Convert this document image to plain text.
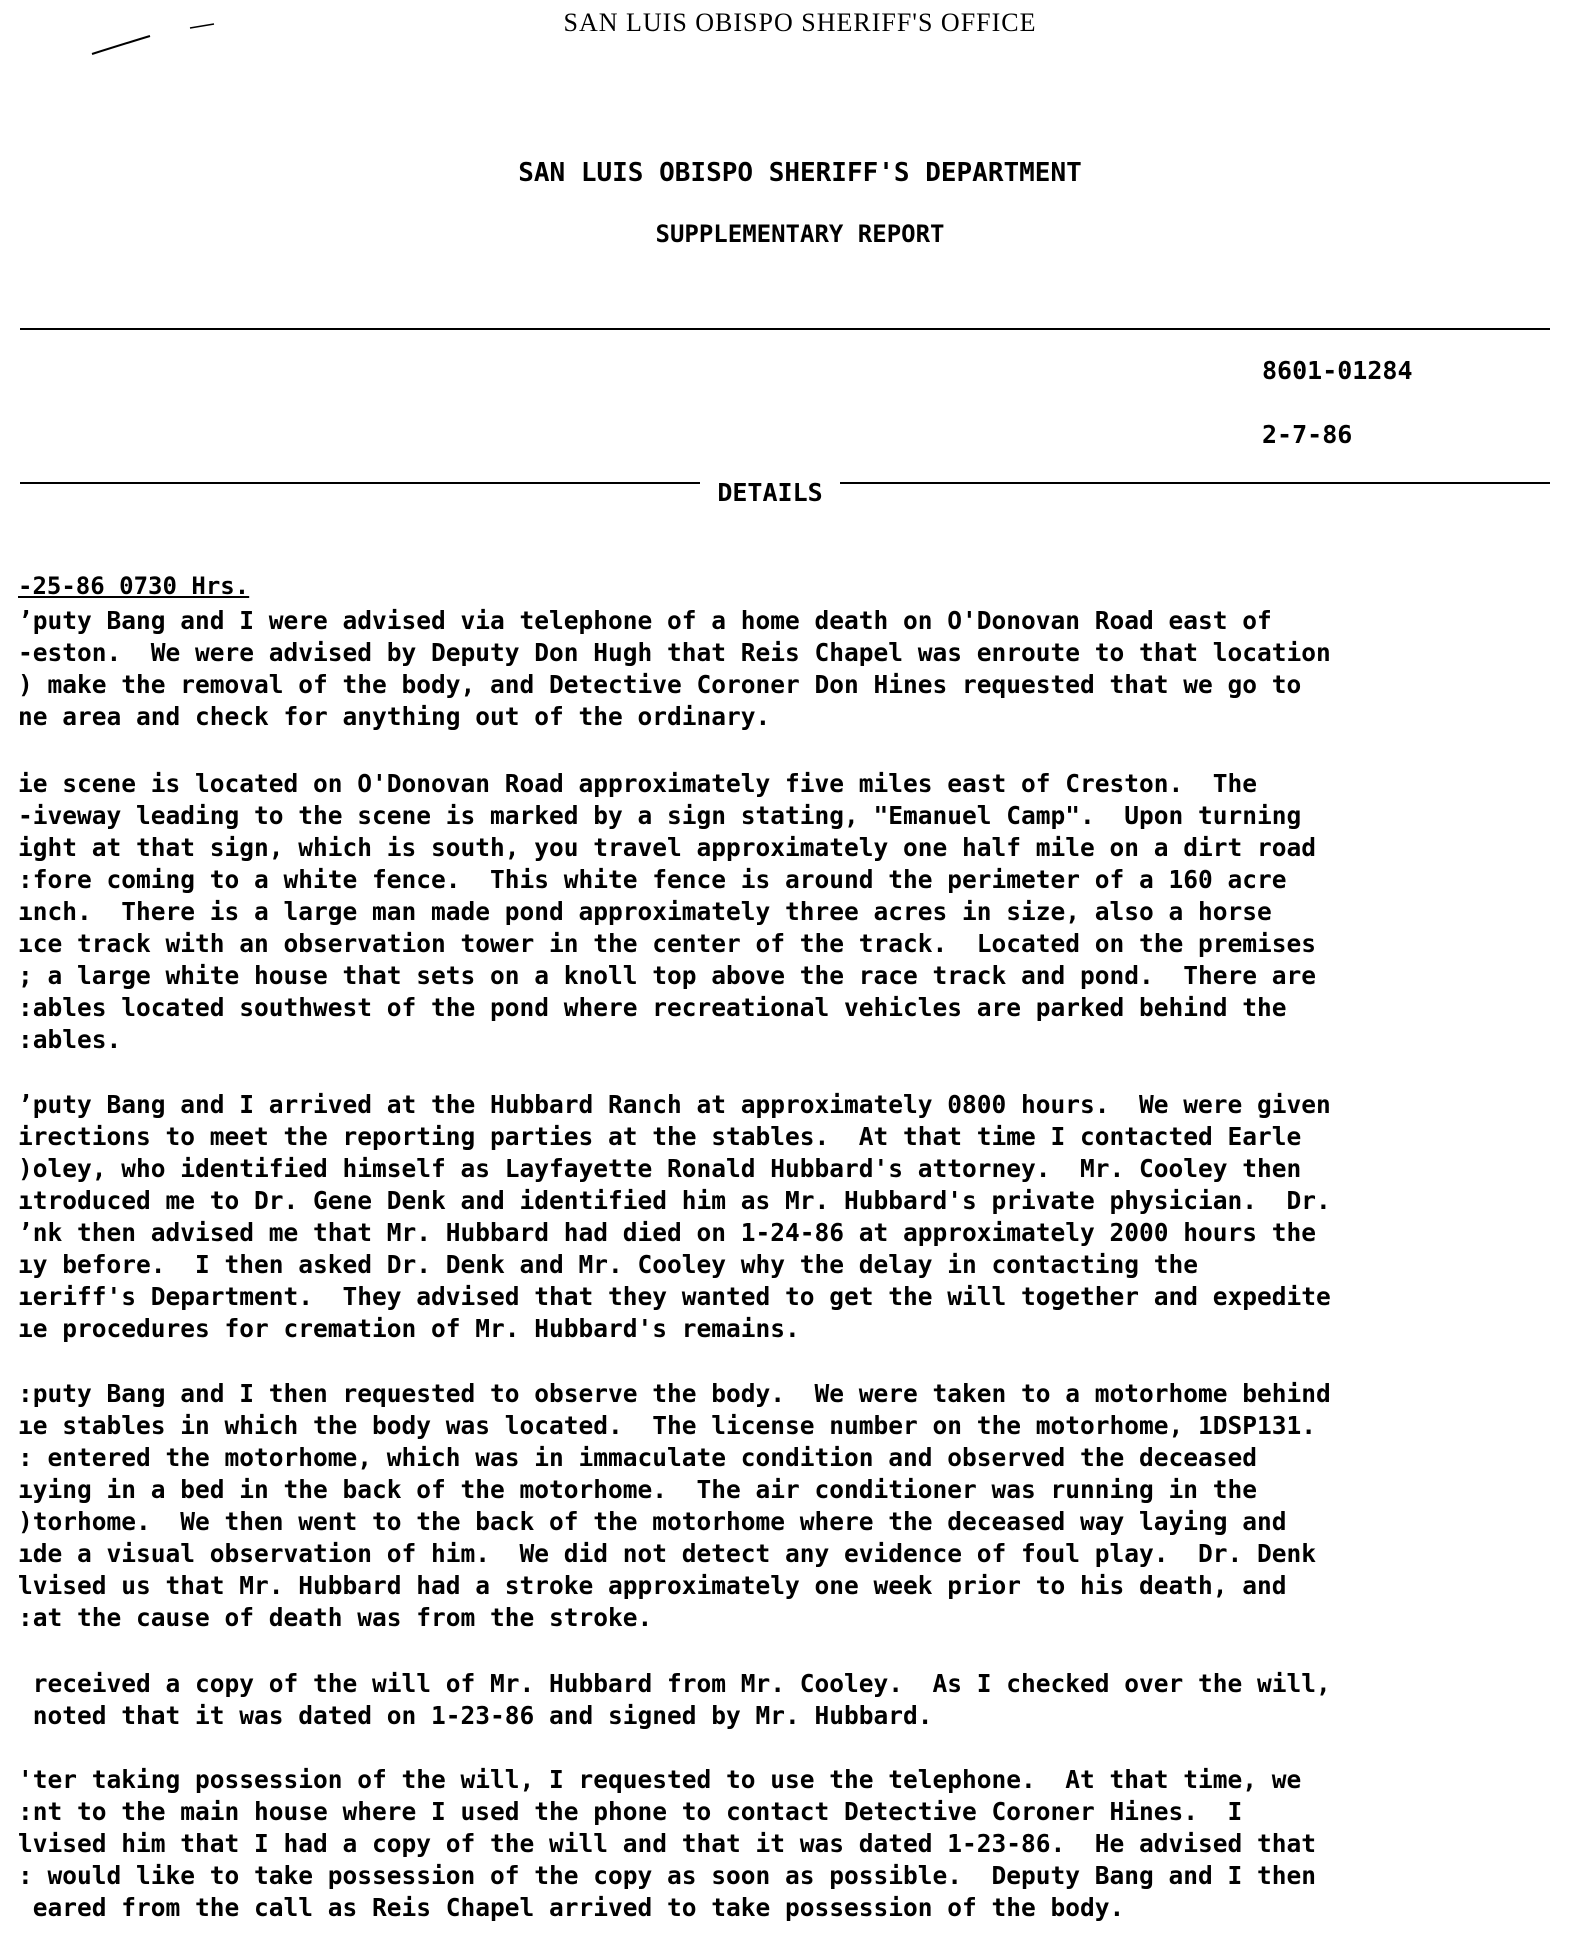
SAN LUIS OBISPO SHERIFF'S OFFICE
SAN LUIS OBISPO SHERIFF'S DEPARTMENT
SUPPLEMENTARY REPORT
8601-01284
2-7-86
DETAILS
-25-86 0730 Hrs.
’puty Bang and I were advised via telephone of a home death on O'Donovan Road east of
-eston.  We were advised by Deputy Don Hugh that Reis Chapel was enroute to that location
) make the removal of the body, and Detective Coroner Don Hines requested that we go to
ne area and check for anything out of the ordinary.
ie scene is located on O'Donovan Road approximately five miles east of Creston.  The
-iveway leading to the scene is marked by a sign stating, "Emanuel Camp".  Upon turning
ight at that sign, which is south, you travel approximately one half mile on a dirt road
:fore coming to a white fence.  This white fence is around the perimeter of a 160 acre
ınch.  There is a large man made pond approximately three acres in size, also a horse
ıce track with an observation tower in the center of the track.  Located on the premises
; a large white house that sets on a knoll top above the race track and pond.  There are
:ables located southwest of the pond where recreational vehicles are parked behind the
:ables.
’puty Bang and I arrived at the Hubbard Ranch at approximately 0800 hours.  We were given
irections to meet the reporting parties at the stables.  At that time I contacted Earle
)oley, who identified himself as Layfayette Ronald Hubbard's attorney.  Mr. Cooley then
ıtroduced me to Dr. Gene Denk and identified him as Mr. Hubbard's private physician.  Dr.
’nk then advised me that Mr. Hubbard had died on 1-24-86 at approximately 2000 hours the
ıy before.  I then asked Dr. Denk and Mr. Cooley why the delay in contacting the
ıeriff's Department.  They advised that they wanted to get the will together and expedite
ıe procedures for cremation of Mr. Hubbard's remains.
:puty Bang and I then requested to observe the body.  We were taken to a motorhome behind
ıe stables in which the body was located.  The license number on the motorhome, 1DSP131.
: entered the motorhome, which was in immaculate condition and observed the deceased
ıying in a bed in the back of the motorhome.  The air conditioner was running in the
)torhome.  We then went to the back of the motorhome where the deceased way laying and
ıde a visual observation of him.  We did not detect any evidence of foul play.  Dr. Denk
lvised us that Mr. Hubbard had a stroke approximately one week prior to his death, and
:at the cause of death was from the stroke.
received a copy of the will of Mr. Hubbard from Mr. Cooley.  As I checked over the will,
noted that it was dated on 1-23-86 and signed by Mr. Hubbard.
'ter taking possession of the will, I requested to use the telephone.  At that time, we
:nt to the main house where I used the phone to contact Detective Coroner Hines.  I
lvised him that I had a copy of the will and that it was dated 1-23-86.  He advised that
: would like to take possession of the copy as soon as possible.  Deputy Bang and I then
eared from the call as Reis Chapel arrived to take possession of the body.
